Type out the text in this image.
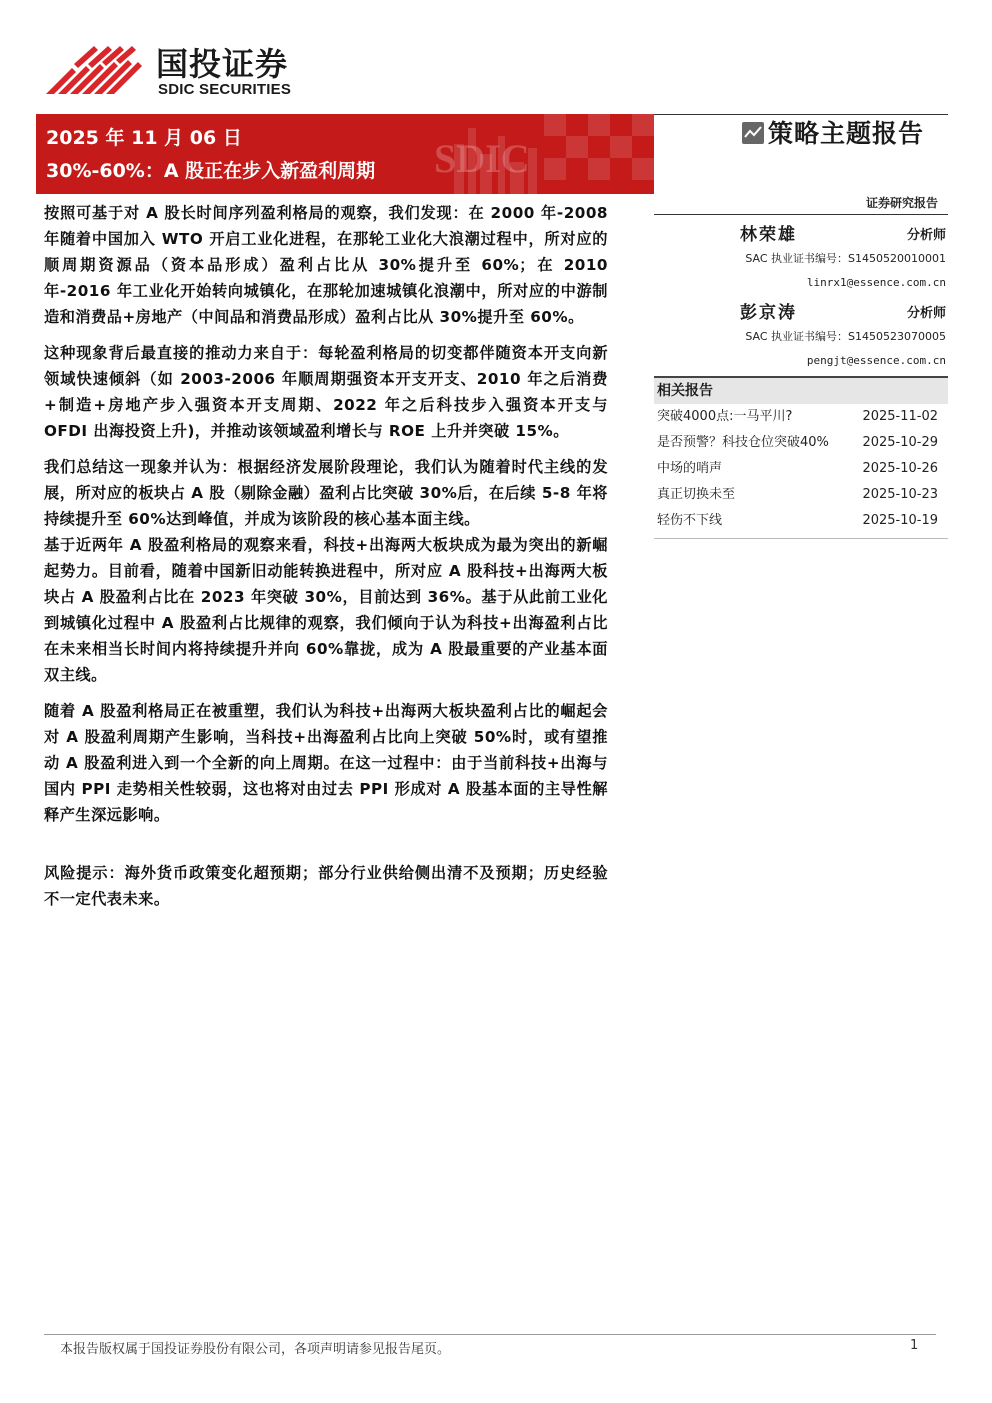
国投证券
SDIC SECURITIES
SDIC
2025 年 11 月 06 日
30%-60%：A 股正在步入新盈利周期
策略主题报告
证券研究报告
林荣雄	分析师
SAC 执业证书编号：S1450520010001
linrx1@essence.com.cn
彭京涛	分析师
SAC 执业证书编号：S1450523070005
pengjt@essence.com.cn
相关报告
突破4000点:一马平川?	2025-11-02
是否预警？科技仓位突破40%	2025-10-29
中场的哨声	2025-10-26
真正切换未至	2025-10-23
轻伤不下线	2025-10-19

按照可基于对 A 股长时间序列盈利格局的观察，我们发现：在 2000 年-2008 年随着中国加入 WTO 开启工业化进程，在那轮工业化大浪潮过程中，所对应的顺周期资源品（资本品形成）盈利占比从 30%提升至 60%；在 2010 年-2016 年工业化开始转向城镇化，在那轮加速城镇化浪潮中，所对应的中游制造和消费品+房地产（中间品和消费品形成）盈利占比从 30%提升至 60%。

这种现象背后最直接的推动力来自于：每轮盈利格局的切变都伴随资本开支向新领域快速倾斜（如 2003-2006 年顺周期强资本开支开支、2010 年之后消费+制造+房地产步入强资本开支周期、2022 年之后科技步入强资本开支与 OFDI 出海投资上升)，并推动该领域盈利增长与 ROE 上升并突破 15%。

我们总结这一现象并认为：根据经济发展阶段理论，我们认为随着时代主线的发展，所对应的板块占 A 股（剔除金融）盈利占比突破 30%后，在后续 5-8 年将持续提升至 60%达到峰值，并成为该阶段的核心基本面主线。

基于近两年 A 股盈利格局的观察来看，科技+出海两大板块成为最为突出的新崛起势力。目前看，随着中国新旧动能转换进程中，所对应 A 股科技+出海两大板块占 A 股盈利占比在 2023 年突破 30%，目前达到 36%。基于从此前工业化到城镇化过程中 A 股盈利占比规律的观察，我们倾向于认为科技+出海盈利占比在未来相当长时间内将持续提升并向 60%靠拢，成为 A 股最重要的产业基本面双主线。

随着 A 股盈利格局正在被重塑，我们认为科技+出海两大板块盈利占比的崛起会对 A 股盈利周期产生影响，当科技+出海盈利占比向上突破 50%时，或有望推动 A 股盈利进入到一个全新的向上周期。在这一过程中：由于当前科技+出海与国内 PPI 走势相关性较弱，这也将对由过去 PPI 形成对 A 股基本面的主导性解释产生深远影响。

风险提示：海外货币政策变化超预期；部分行业供给侧出清不及预期；历史经验不一定代表未来。

本报告版权属于国投证券股份有限公司，各项声明请参见报告尾页。	1
